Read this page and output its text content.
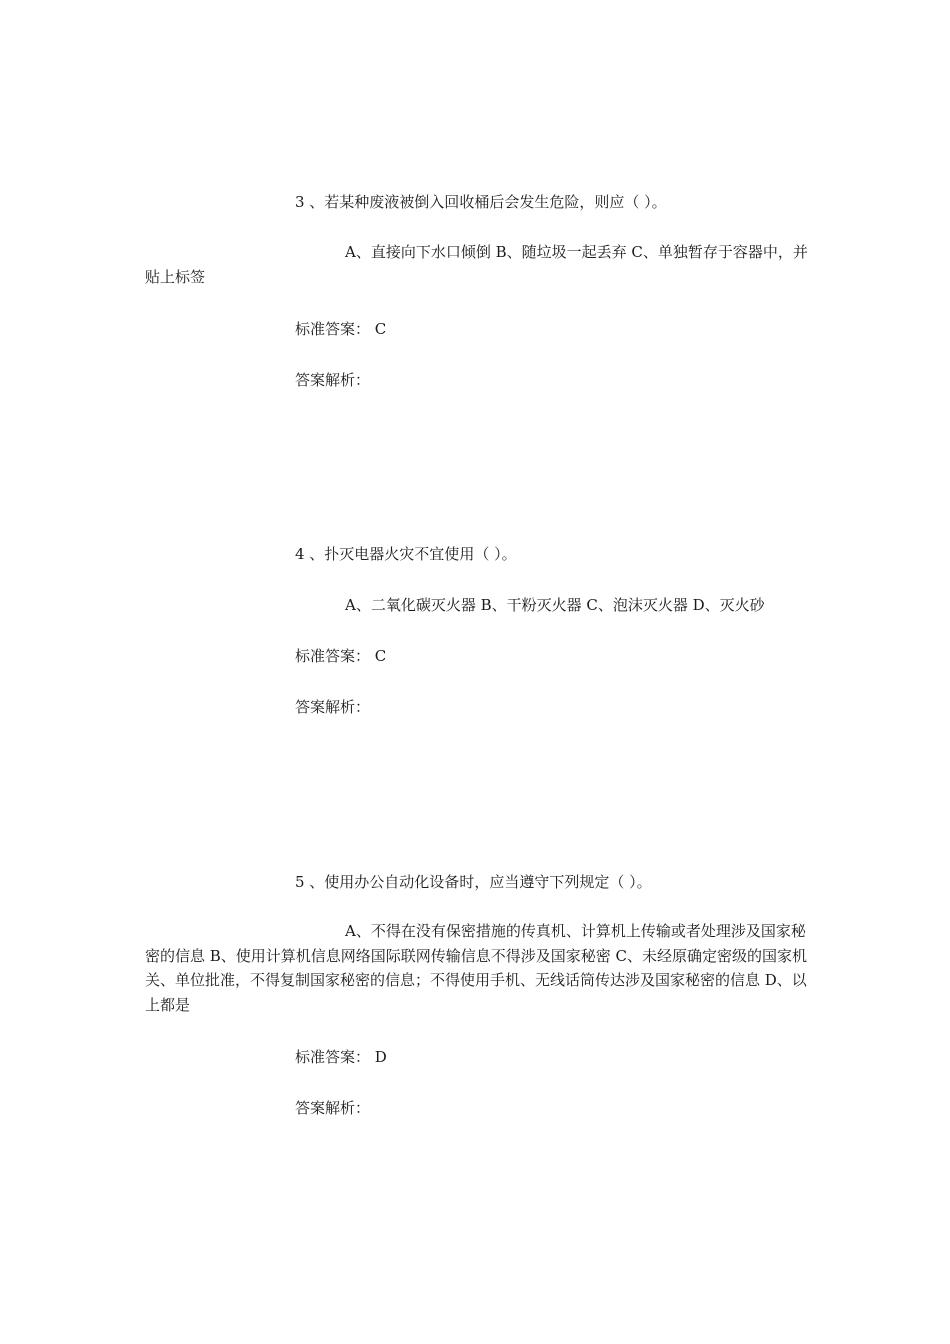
3 、若某种废液被倒入回收桶后会发生危险，则应（ ）。
A、直接向下水口倾倒 B、随垃圾一起丢弃 C、单独暂存于容器中，并贴上标签
标准答案： C
答案解析：
4 、扑灭电器火灾不宜使用（ ）。
A、二氧化碳灭火器 B、干粉灭火器 C、泡沫灭火器 D、灭火砂
标准答案： C
答案解析：
5 、使用办公自动化设备时，应当遵守下列规定（ ）。
A、不得在没有保密措施的传真机、计算机上传输或者处理涉及国家秘密的信息 B、使用计算机信息网络国际联网传输信息不得涉及国家秘密 C、未经原确定密级的国家机关、单位批准，不得复制国家秘密的信息；不得使用手机、无线话筒传达涉及国家秘密的信息 D、以上都是
标准答案： D
答案解析：
